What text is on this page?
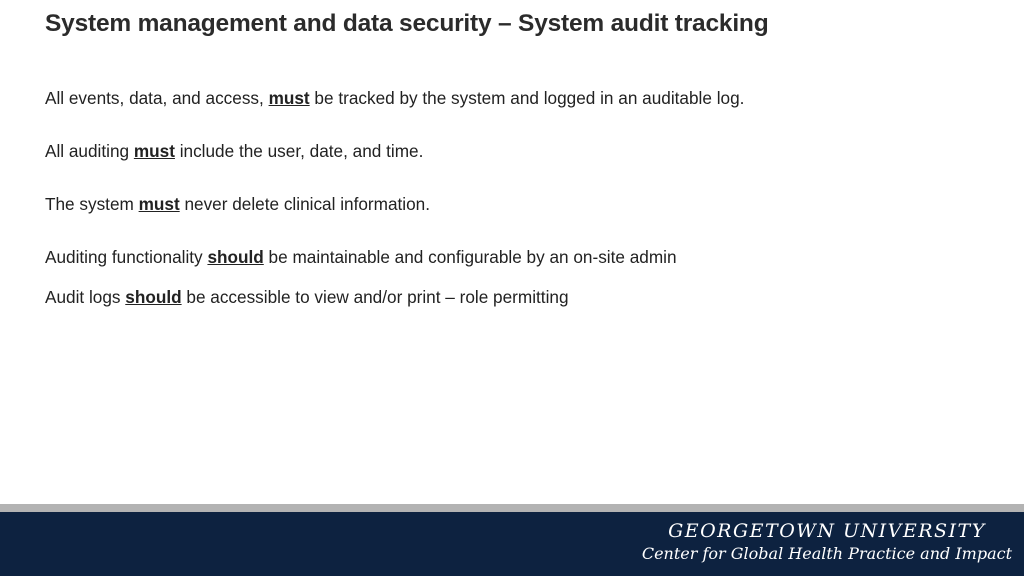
System management and data security – System audit tracking
All events, data, and access, must be tracked by the system and logged in an auditable log.
All auditing must include the user, date, and time.
The system must never delete clinical information.
Auditing functionality should be maintainable and configurable by an on-site admin
Audit logs should be accessible to view and/or print – role permitting
GEORGETOWN UNIVERSITY
Center for Global Health Practice and Impact
